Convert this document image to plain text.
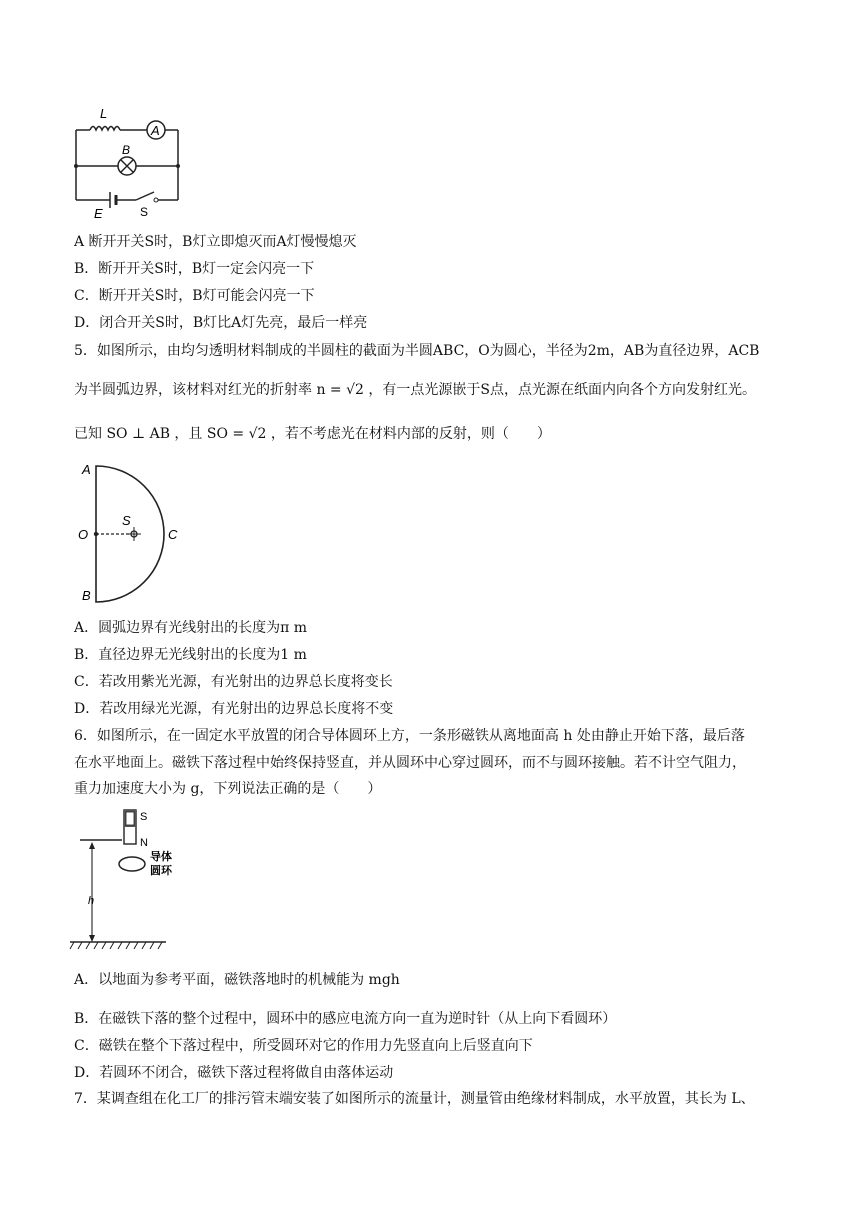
L
A
B
E	S
A 断开开关S时，B灯立即熄灭而A灯慢慢熄灭
B．断开开关S时，B灯一定会闪亮一下
C．断开开关S时，B灯可能会闪亮一下
D．闭合开关S时，B灯比A灯先亮，最后一样亮
5．如图所示，由均匀透明材料制成的半圆柱的截面为半圆ABC，O为圆心，半径为2m，AB为直径边界，ACB
为半圆弧边界，该材料对红光的折射率 n = √2 ，有一点光源嵌于S点，点光源在纸面内向各个方向发射红光。
已知 SO ⊥ AB ，且 SO = √2 ，若不考虑光在材料内部的反射，则（　　）
A
O
B
S
C
A．圆弧边界有光线射出的长度为π m
B．直径边界无光线射出的长度为1 m
C．若改用紫光光源，有光射出的边界总长度将变长
D．若改用绿光光源，有光射出的边界总长度将不变
6．如图所示，在一固定水平放置的闭合导体圆环上方，一条形磁铁从离地面高 h 处由静止开始下落，最后落
在水平地面上。磁铁下落过程中始终保持竖直，并从圆环中心穿过圆环，而不与圆环接触。若不计空气阻力，
重力加速度大小为 g，下列说法正确的是（　　）
S
N
导体
圆环
h
A．以地面为参考平面，磁铁落地时的机械能为 mgh
B．在磁铁下落的整个过程中，圆环中的感应电流方向一直为逆时针（从上向下看圆环）
C．磁铁在整个下落过程中，所受圆环对它的作用力先竖直向上后竖直向下
D．若圆环不闭合，磁铁下落过程将做自由落体运动
7．某调查组在化工厂的排污管末端安装了如图所示的流量计，测量管由绝缘材料制成，水平放置，其长为 L、
